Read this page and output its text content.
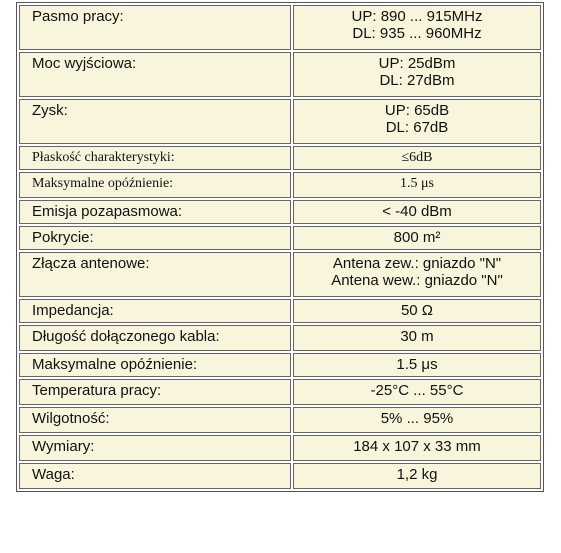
Pasmo pracy:	UP: 890 ... 915MHz
DL: 935 ... 960MHz

Moc wyjściowa:	UP: 25dBm
DL: 27dBm

Zysk:	UP: 65dB
DL: 67dB

Płaskość charakterystyki:	≤6dB

Maksymalne opóźnienie:	1.5 μs

Emisja pozapasmowa:	< -40 dBm

Pokrycie:	800 m²

Złącza antenowe:	Antena zew.: gniazdo "N"
Antena wew.: gniazdo "N"

Impedancja:	50 Ω

Długość dołączonego kabla:	30 m

Maksymalne opóźnienie:	1.5 μs

Temperatura pracy:	-25°C ... 55°C

Wilgotność:	5% ... 95%

Wymiary:	184 x 107 x 33 mm

Waga:	1,2 kg
